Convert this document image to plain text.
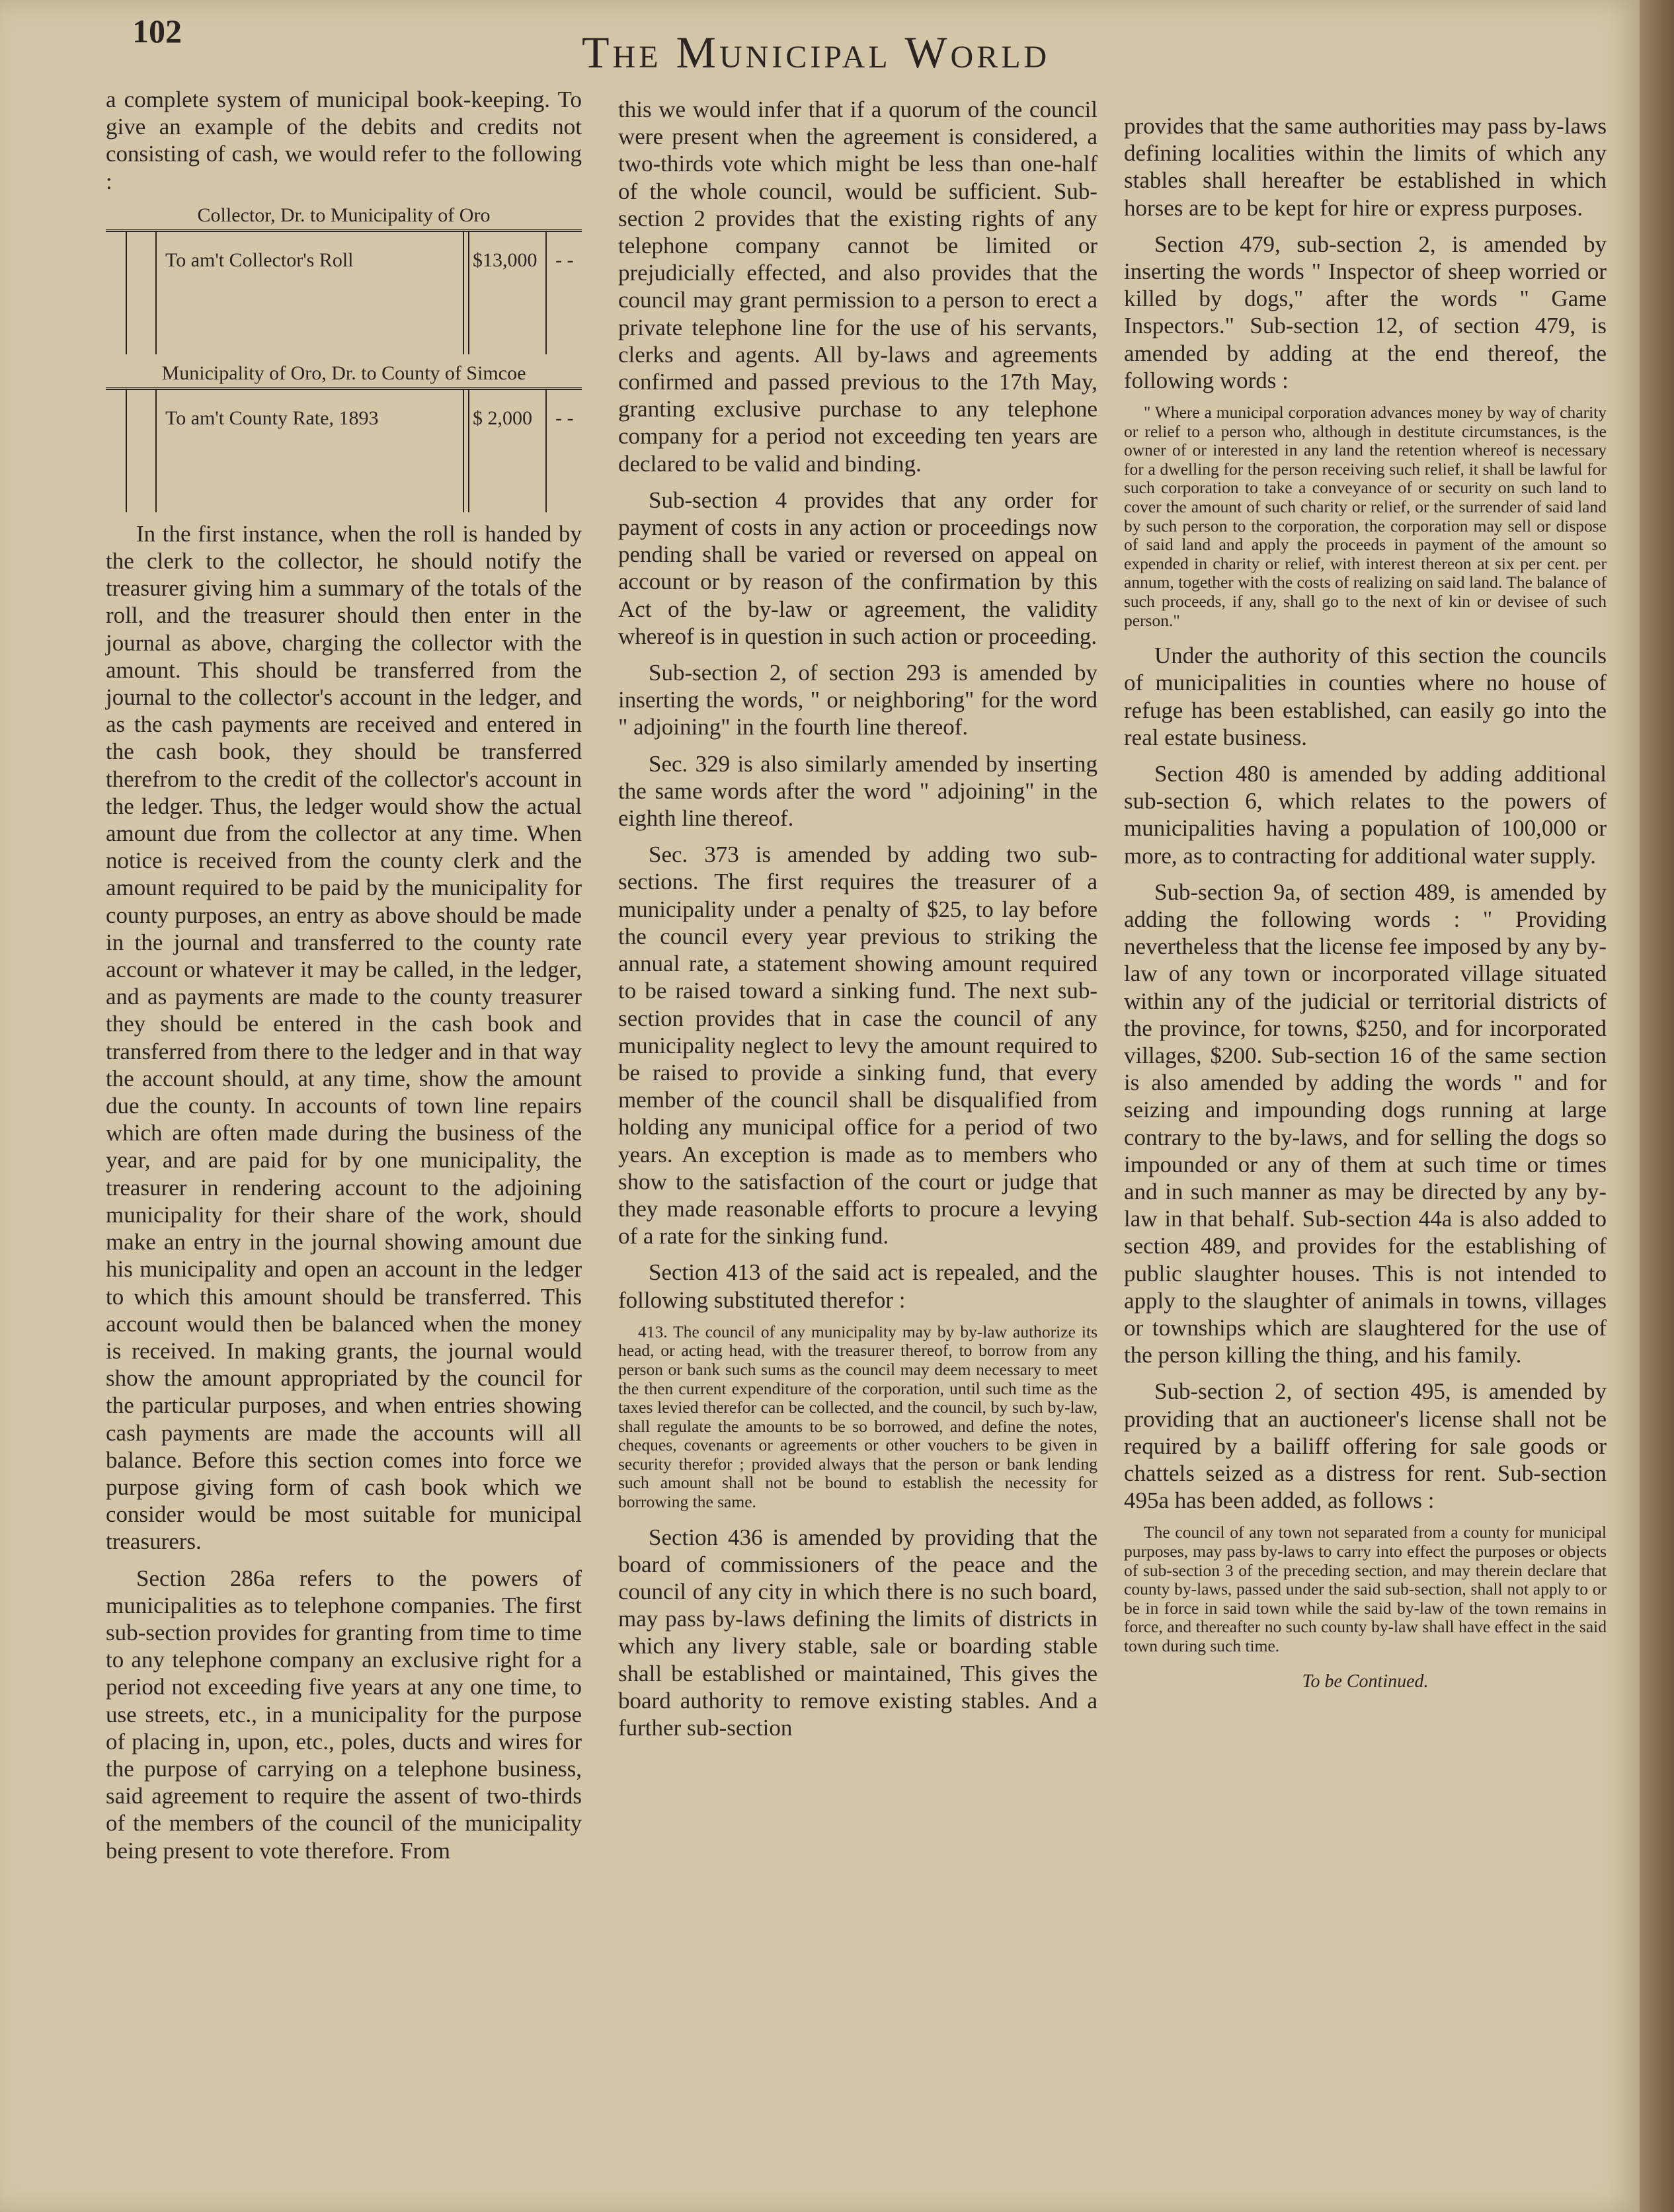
102	The Municipal World

a complete system of municipal book-keeping. To give an example of the debits and credits not consisting of cash, we would refer to the following :

Collector, Dr. to Municipality of Oro
To am't Collector's Roll	$13,000 - -
Municipality of Oro, Dr. to County of Simcoe
To am't County Rate, 1893	$ 2,000 - -

In the first instance, when the roll is handed by the clerk to the collector, he should notify the treasurer giving him a summary of the totals of the roll, and the treasurer should then enter in the journal as above, charging the collector with the amount. This should be transferred from the journal to the collector's account in the ledger, and as the cash payments are received and entered in the cash book, they should be transferred therefrom to the credit of the collector's account in the ledger. Thus, the ledger would show the actual amount due from the collector at any time. When notice is received from the county clerk and the amount required to be paid by the municipality for county purposes, an entry as above should be made in the journal and transferred to the county rate account or whatever it may be called, in the ledger, and as payments are made to the county treasurer they should be entered in the cash book and transferred from there to the ledger and in that way the account should, at any time, show the amount due the county. In accounts of town line repairs which are often made during the business of the year, and are paid for by one municipality, the treasurer in rendering account to the adjoining municipality for their share of the work, should make an entry in the journal showing amount due his municipality and open an account in the ledger to which this amount should be transferred. This account would then be balanced when the money is received. In making grants, the journal would show the amount appropriated by the council for the particular purposes, and when entries showing cash payments are made the accounts will all balance. Before this section comes into force we purpose giving form of cash book which we consider would be most suitable for municipal treasurers.

Section 286a refers to the powers of municipalities as to telephone companies. The first sub-section provides for granting from time to time to any telephone company an exclusive right for a period not exceeding five years at any one time, to use streets, etc., in a municipality for the purpose of placing in, upon, etc., poles, ducts and wires for the purpose of carrying on a telephone business, said agreement to require the assent of two-thirds of the members of the council of the municipality being present to vote therefore. From

this we would infer that if a quorum of the council were present when the agreement is considered, a two-thirds vote which might be less than one-half of the whole council, would be sufficient. Sub-section 2 provides that the existing rights of any telephone company cannot be limited or prejudicially effected, and also provides that the council may grant permission to a person to erect a private telephone line for the use of his servants, clerks and agents. All by-laws and agreements confirmed and passed previous to the 17th May, granting exclusive purchase to any telephone company for a period not exceeding ten years are declared to be valid and binding.

Sub-section 4 provides that any order for payment of costs in any action or proceedings now pending shall be varied or reversed on appeal on account or by reason of the confirmation by this Act of the by-law or agreement, the validity whereof is in question in such action or proceeding.

Sub-section 2, of section 293 is amended by inserting the words, " or neighboring" for the word " adjoining" in the fourth line thereof.

Sec. 329 is also similarly amended by inserting the same words after the word " adjoining" in the eighth line thereof.

Sec. 373 is amended by adding two sub-sections. The first requires the treasurer of a municipality under a penalty of $25, to lay before the council every year previous to striking the annual rate, a statement showing amount required to be raised toward a sinking fund. The next sub-section provides that in case the council of any municipality neglect to levy the amount required to be raised to provide a sinking fund, that every member of the council shall be disqualified from holding any municipal office for a period of two years. An exception is made as to members who show to the satisfaction of the court or judge that they made reasonable efforts to procure a levying of a rate for the sinking fund.

Section 413 of the said act is repealed, and the following substituted therefor :

413. The council of any municipality may by by-law authorize its head, or acting head, with the treasurer thereof, to borrow from any person or bank such sums as the council may deem necessary to meet the then current expenditure of the corporation, until such time as the taxes levied therefor can be collected, and the council, by such by-law, shall regulate the amounts to be so borrowed, and define the notes, cheques, covenants or agreements or other vouchers to be given in security therefor ; provided always that the person or bank lending such amount shall not be bound to establish the necessity for borrowing the same.

Section 436 is amended by providing that the board of commissioners of the peace and the council of any city in which there is no such board, may pass by-laws defining the limits of districts in which any livery stable, sale or boarding stable shall be established or maintained, This gives the board authority to remove existing stables. And a further sub-section

provides that the same authorities may pass by-laws defining localities within the limits of which any stables shall hereafter be established in which horses are to be kept for hire or express purposes.

Section 479, sub-section 2, is amended by inserting the words " Inspector of sheep worried or killed by dogs," after the words " Game Inspectors." Sub-section 12, of section 479, is amended by adding at the end thereof, the following words :

" Where a municipal corporation advances money by way of charity or relief to a person who, although in destitute circumstances, is the owner of or interested in any land the retention whereof is necessary for a dwelling for the person receiving such relief, it shall be lawful for such corporation to take a conveyance of or security on such land to cover the amount of such charity or relief, or the surrender of said land by such person to the corporation, the corporation may sell or dispose of said land and apply the proceeds in payment of the amount so expended in charity or relief, with interest thereon at six per cent. per annum, together with the costs of realizing on said land. The balance of such proceeds, if any, shall go to the next of kin or devisee of such person."

Under the authority of this section the councils of municipalities in counties where no house of refuge has been established, can easily go into the real estate business.

Section 480 is amended by adding additional sub-section 6, which relates to the powers of municipalities having a population of 100,000 or more, as to contracting for additional water supply.

Sub-section 9a, of section 489, is amended by adding the following words : " Providing nevertheless that the license fee imposed by any by-law of any town or incorporated village situated within any of the judicial or territorial districts of the province, for towns, $250, and for incorporated villages, $200. Sub-section 16 of the same section is also amended by adding the words " and for seizing and impounding dogs running at large contrary to the by-laws, and for selling the dogs so impounded or any of them at such time or times and in such manner as may be directed by any by-law in that behalf. Sub-section 44a is also added to section 489, and provides for the establishing of public slaughter houses. This is not intended to apply to the slaughter of animals in towns, villages or townships which are slaughtered for the use of the person killing the thing, and his family.

Sub-section 2, of section 495, is amended by providing that an auctioneer's license shall not be required by a bailiff offering for sale goods or chattels seized as a distress for rent. Sub-section 495a has been added, as follows :

The council of any town not separated from a county for municipal purposes, may pass by-laws to carry into effect the purposes or objects of sub-section 3 of the preceding section, and may therein declare that county by-laws, passed under the said sub-section, shall not apply to or be in force in said town while the said by-law of the town remains in force, and thereafter no such county by-law shall have effect in the said town during such time.

To be Continued.
